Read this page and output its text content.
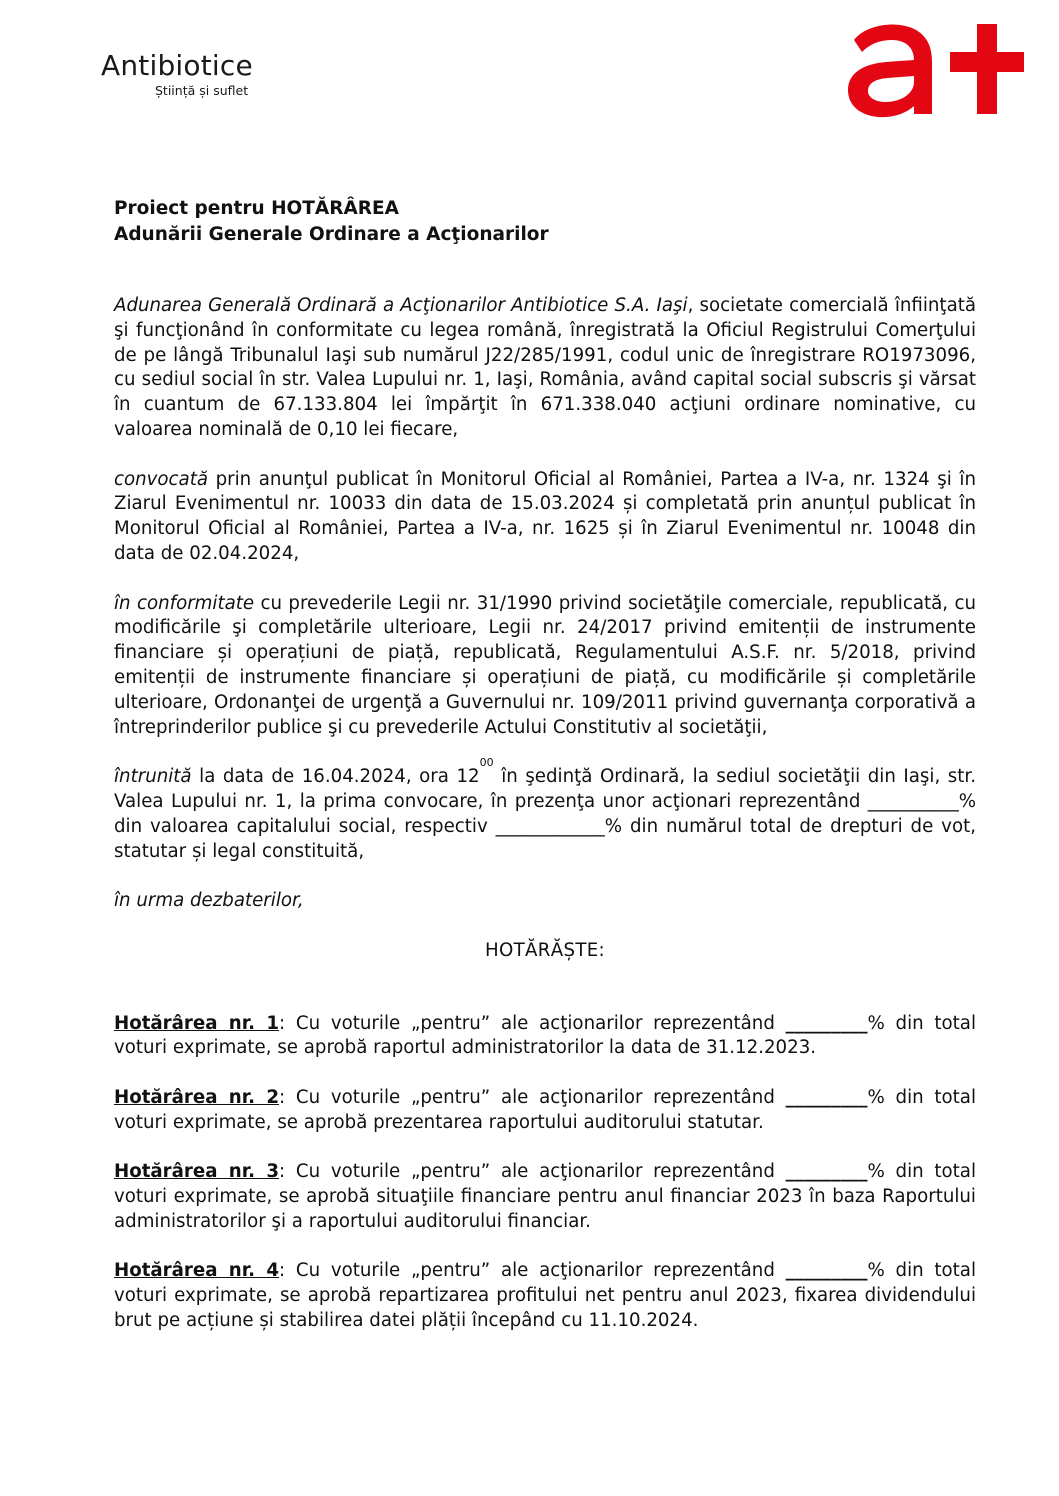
Antibiotice
Știință și suflet
Proiect pentru HOTĂRÂREA
Adunării Generale Ordinare a Acţionarilor

Adunarea Generală Ordinară a Acţionarilor Antibiotice S.A. Iaşi, societate comercială înfiinţată şi funcţionând în conformitate cu legea română, înregistrată la Oficiul Registrului Comerţului de pe lângă Tribunalul Iaşi sub numărul J22/285/1991, codul unic de înregistrare RO1973096, cu sediul social în str. Valea Lupului nr. 1, Iaşi, România, având capital social subscris şi vărsat în cuantum de 67.133.804 lei împărţit în 671.338.040 acţiuni ordinare nominative, cu valoarea nominală de 0,10 lei fiecare,

convocată prin anunţul publicat în Monitorul Oficial al României, Partea a IV-a, nr. 1324 şi în Ziarul Evenimentul nr. 10033 din data de 15.03.2024 și completată prin anunțul publicat în Monitorul Oficial al României, Partea a IV-a, nr. 1625 și în Ziarul Evenimentul nr. 10048 din data de 02.04.2024,

în conformitate cu prevederile Legii nr. 31/1990 privind societăţile comerciale, republicată, cu modificările şi completările ulterioare, Legii nr. 24/2017 privind emitenții de instrumente financiare și operațiuni de piață, republicată, Regulamentului A.S.F. nr. 5/2018, privind emitenții de instrumente financiare și operațiuni de piață, cu modificările și completările ulterioare, Ordonanţei de urgenţă a Guvernului nr. 109/2011 privind guvernanţa corporativă a întreprinderilor publice şi cu prevederile Actului Constitutiv al societăţii,

întrunită la data de 16.04.2024, ora $12^{00}$ în şedinţă Ordinară, la sediul societăţii din Iaşi, str. Valea Lupului nr. 1, la prima convocare, în prezenţa unor acţionari reprezentând __________% din valoarea capitalului social, respectiv ____________% din numărul total de drepturi de vot, statutar și legal constituită,

în urma dezbaterilor,

HOTĂRĂȘTE:

Hotărârea nr. 1: Cu voturile „pentru” ale acţionarilor reprezentând _________% din total voturi exprimate, se aprobă raportul administratorilor la data de 31.12.2023.

Hotărârea nr. 2: Cu voturile „pentru” ale acţionarilor reprezentând _________% din total voturi exprimate, se aprobă prezentarea raportului auditorului statutar.

Hotărârea nr. 3: Cu voturile „pentru” ale acţionarilor reprezentând _________% din total voturi exprimate, se aprobă situaţiile financiare pentru anul financiar 2023 în baza Raportului administratorilor şi a raportului auditorului financiar.

Hotărârea nr. 4: Cu voturile „pentru” ale acţionarilor reprezentând _________% din total voturi exprimate, se aprobă repartizarea profitului net pentru anul 2023, fixarea dividendului brut pe acțiune și stabilirea datei plății începând cu 11.10.2024.
